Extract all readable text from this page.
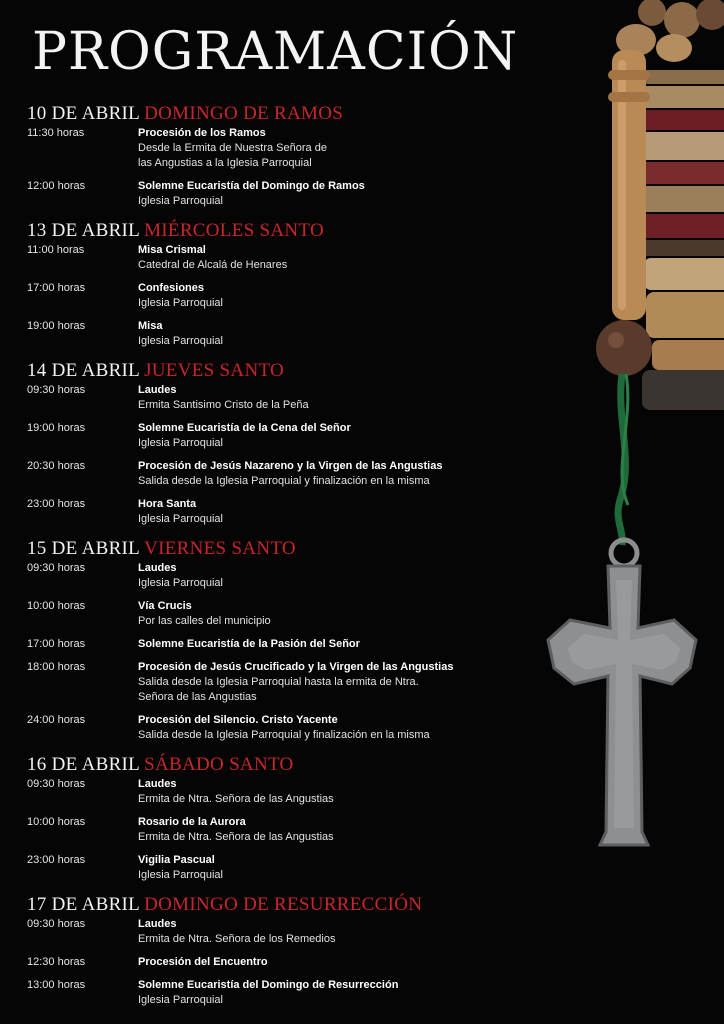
PROGRAMACIÓN
10 DE ABRIL DOMINGO DE RAMOS
11:30 horas	Procesión de los Ramos
Desde la Ermita de Nuestra Señora de
las Angustias a la Iglesia Parroquial
12:00 horas	Solemne Eucaristía del Domingo de Ramos
Iglesia Parroquial
13 DE ABRIL MIÉRCOLES SANTO
11:00 horas	Misa Crismal
Catedral de Alcalá de Henares
17:00 horas	Confesiones
Iglesia Parroquial
19:00 horas	Misa
Iglesia Parroquial
14 DE ABRIL JUEVES SANTO
09:30 horas	Laudes
Ermita Santisimo Cristo de la Peña
19:00 horas	Solemne Eucaristía de la Cena del Señor
Iglesia Parroquial
20:30 horas	Procesión de Jesús Nazareno y la Virgen de las Angustias
Salida desde la Iglesia Parroquial y finalización en la misma
23:00 horas	Hora Santa
Iglesia Parroquial
15 DE ABRIL VIERNES SANTO
09:30 horas	Laudes
Iglesia Parroquial
10:00 horas	Vía Crucis
Por las calles del municipio
17:00 horas	Solemne Eucaristía de la Pasión del Señor
18:00 horas	Procesión de Jesús Crucificado y la Virgen de las Angustias
Salida desde la Iglesia Parroquial hasta la ermita de Ntra.
Señora de las Angustias
24:00 horas	Procesión del Silencio. Cristo Yacente
Salida desde la Iglesia Parroquial y finalización en la misma
16 DE ABRIL SÁBADO SANTO
09:30 horas	Laudes
Ermita de Ntra. Señora de las Angustias
10:00 horas	Rosario de la Aurora
Ermita de Ntra. Señora de las Angustias
23:00 horas	Vigilia Pascual
Iglesia Parroquial
17 DE ABRIL DOMINGO DE RESURRECCIÓN
09:30 horas	Laudes
Ermita de Ntra. Señora de los Remedios
12:30 horas	Procesión del Encuentro
13:00 horas	Solemne Eucaristía del Domingo de Resurrección
Iglesia Parroquial
